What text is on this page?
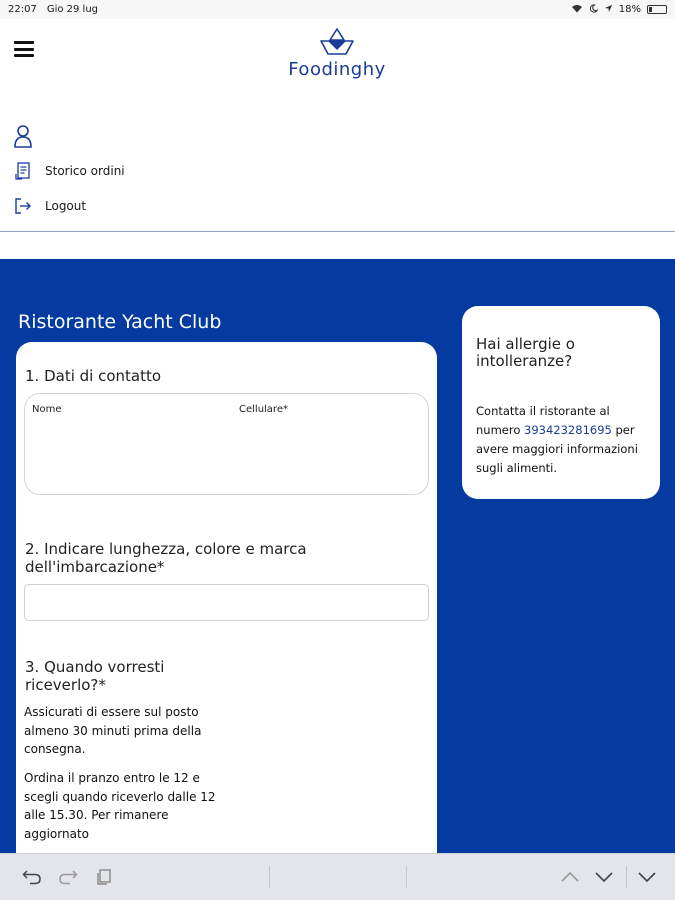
22:07 Gio 29 lug	18%
Foodinghy
Storico ordini
Logout
Ristorante Yacht Club
1. Dati di contatto
Nome	Cellulare*
2. Indicare lunghezza, colore e marca dell'imbarcazione*
3. Quando vorresti riceverlo?*

Assicurati di essere sul posto almeno 30 minuti prima della consegna.

Ordina il pranzo entro le 12 e scegli quando riceverlo dalle 12 alle 15.30. Per rimanere aggiornato

Hai allergie o intolleranze?
Contatta il ristorante al numero 393423281695 per avere maggiori informazioni sugli alimenti.
